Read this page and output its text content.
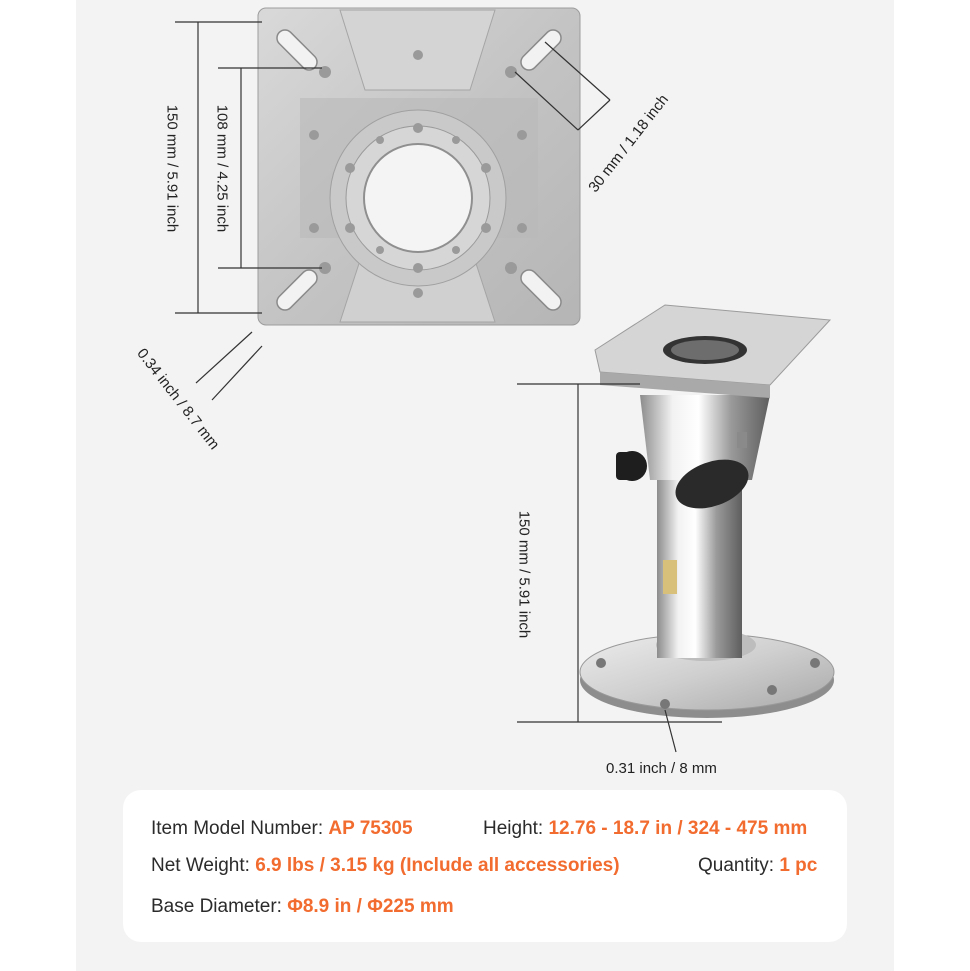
150 mm / 5.91 inch 108 mm / 4.25 inch	30 mm / 1.18 inch
0.34 inch / 8.7 mm
150 mm / 5.91 inch
0.31 inch / 8 mm
Item Model Number: AP 75305	Height: 12.76 - 18.7 in / 324 - 475 mm
Net Weight: 6.9 lbs / 3.15 kg (Include all accessories)	Quantity: 1 pc
Base Diameter: Φ8.9 in / Φ225 mm
